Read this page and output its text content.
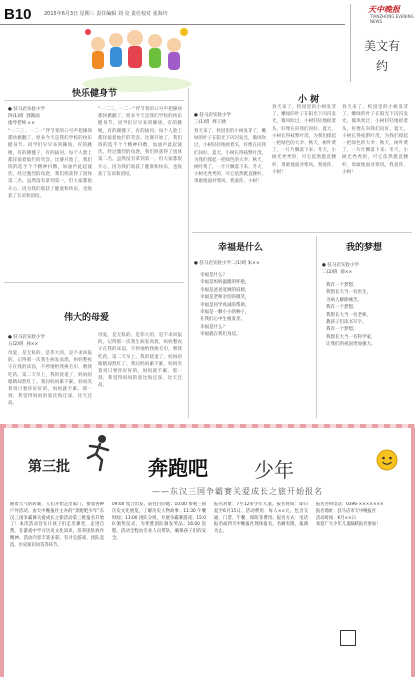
B10 2015年6月3日 星期三 责任编辑 刘 亮 责任校对 张海玲	天中晚报
TIANZHONG EVENING NEWS
美文有约
快乐健身节
● 驻马店实验小学
四(1)班  郭新雨
指导老师 ××
“一二三，一二一”伴节奏的口号声把操场都快掀翻了，原来今天是我们学校的快乐健身节。同学们早早来到操场，有的跳绳，有的踢毽子，有的拔河，每个人脸上都洋溢着灿烂的笑容。比赛开始了，我们班的选手个个精神抖擞，加油声此起彼伏。经过激烈的角逐，我们班获得了团体第二名。虽然没有拿到第一，但大家都很开心，因为我们收获了健康和快乐，也收获了友谊和团结。
“一二三，一二一”伴节奏的口号声把操场都快掀翻了，原来今天是我们学校的快乐健身节。同学们早早来到操场，有的跳绳，有的踢毽子，有的拔河，每个人脸上都洋溢着灿烂的笑容。比赛开始了，我们班的选手个个精神抖擞，加油声此起彼伏。经过激烈的角逐，我们班获得了团体第二名。虽然没有拿到第一，但大家都很开心，因为我们收获了健康和快乐，也收获了友谊和团结。
伟大的母爱
● 驻马店实验小学
五(2)班  孙××
母爱，是无私的，是伟大的，是不求回报的。记得那一次我生病发高烧，妈妈整夜守在我的床前，不停地给我换毛巾，喂我吃药。第二天早上，我的烧退了，妈妈的眼睛却熬红了。我问妈妈累不累，妈妈笑着说只要你好好的，妈妈就不累。那一刻，我觉得妈妈的爱比海还深，比天还高。
母爱，是无私的，是伟大的，是不求回报的。记得那一次我生病发高烧，妈妈整夜守在我的床前，不停地给我换毛巾，喂我吃药。第二天早上，我的烧退了，妈妈的眼睛却熬红了。我问妈妈累不累，妈妈笑着说只要你好好的，妈妈就不累。那一刻，我觉得妈妈的爱比海还深，比天还高。
小 树
● 驻马店实验小学
三(1)班  周子涵
春天来了，校园里的小树发芽了，嫩绿的叶子在阳光下闪闪发光，微风吹过，小树轻轻地摇着头，好像在向我们问好。夏天，小树长得枝繁叶茂，为我们撑起一把绿色的大伞；秋天，树叶黄了，一片片飘落下来；冬天，小树光秃秃的，可它依然挺直腰杆，勇敢地面对寒风。我爱你，小树！
春天来了，校园里的小树发芽了，嫩绿的叶子在阳光下闪闪发光，微风吹过，小树轻轻地摇着头，好像在向我们问好。夏天，小树长得枝繁叶茂，为我们撑起一把绿色的大伞；秋天，树叶黄了，一片片飘落下来；冬天，小树光秃秃的，可它依然挺直腰杆，勇敢地面对寒风。我爱你，小树！
春天来了，校园里的小树发芽了，嫩绿的叶子在阳光下闪闪发光，微风吹过，小树轻轻地摇着头，好像在向我们问好。夏天，小树长得枝繁叶茂，为我们撑起一把绿色的大伞；秋天，树叶黄了，一片片飘落下来；冬天，小树光秃秃的，可它依然挺直腰杆，勇敢地面对寒风。我爱你，小树！
幸福是什么
● 驻马店实验小学二(1)班 朱××
幸福是什么？
幸福是妈妈温暖的怀抱，
幸福是爸爸宽阔的肩膀，
幸福是老师亲切的微笑，
幸福是同学真诚的帮助，
幸福是一颗小小的种子，
在我们心中生根发芽。
幸福是什么？
幸福就在我们身边。
我的梦想
● 驻马店实验小学
二(2)班  徐××
我有一个梦想，
我想长大当一名医生，
为病人解除痛苦。
我有一个梦想，
我想长大当一名老师，
教孩子们读书写字。
我有一个梦想，
我想长大当一名科学家，
让我们的祖国更加强大。
第三批	奔跑吧 少年
——东汉三国争霸赛关爱成长之旅开始报名
随着天气的转暖，人们开始走出家门，参加各种户外活动。由天中晚报社主办的“奔跑吧少年”东汉三国争霸赛关爱成长之旅活动第三批报名开始了！本次活动旨在让孩子们走出课堂，走进自然，在游戏中学习历史文化知识，培养团队协作精神。活动内容丰富多彩，有寻宝游戏、团队竞技、历史知识问答等环节。
09:00 集合出发，前往目的地；10:00 参观三国历史文化展览，了解历史人物故事；11:30 午餐时间；13:00 团队分组，开展争霸赛游戏；15:00 颁奖仪式，为优胜团队颁发奖品；16:00 返程。活动全程由专业人员带队，确保孩子们的安全。
报名对象：7至12岁少年儿童。报名时间：即日起至6月15日。活动费用：每人××元，包含交通、门票、午餐、保险等费用。报名方式：电话报名或到天中晚报社现场报名。名额有限，报满为止。
报名咨询电话：0396-×××××××
报名地址：驻马店市天中晚报社
活动时间：6月××日
欢迎广大少年儿童踊跃报名参加！
